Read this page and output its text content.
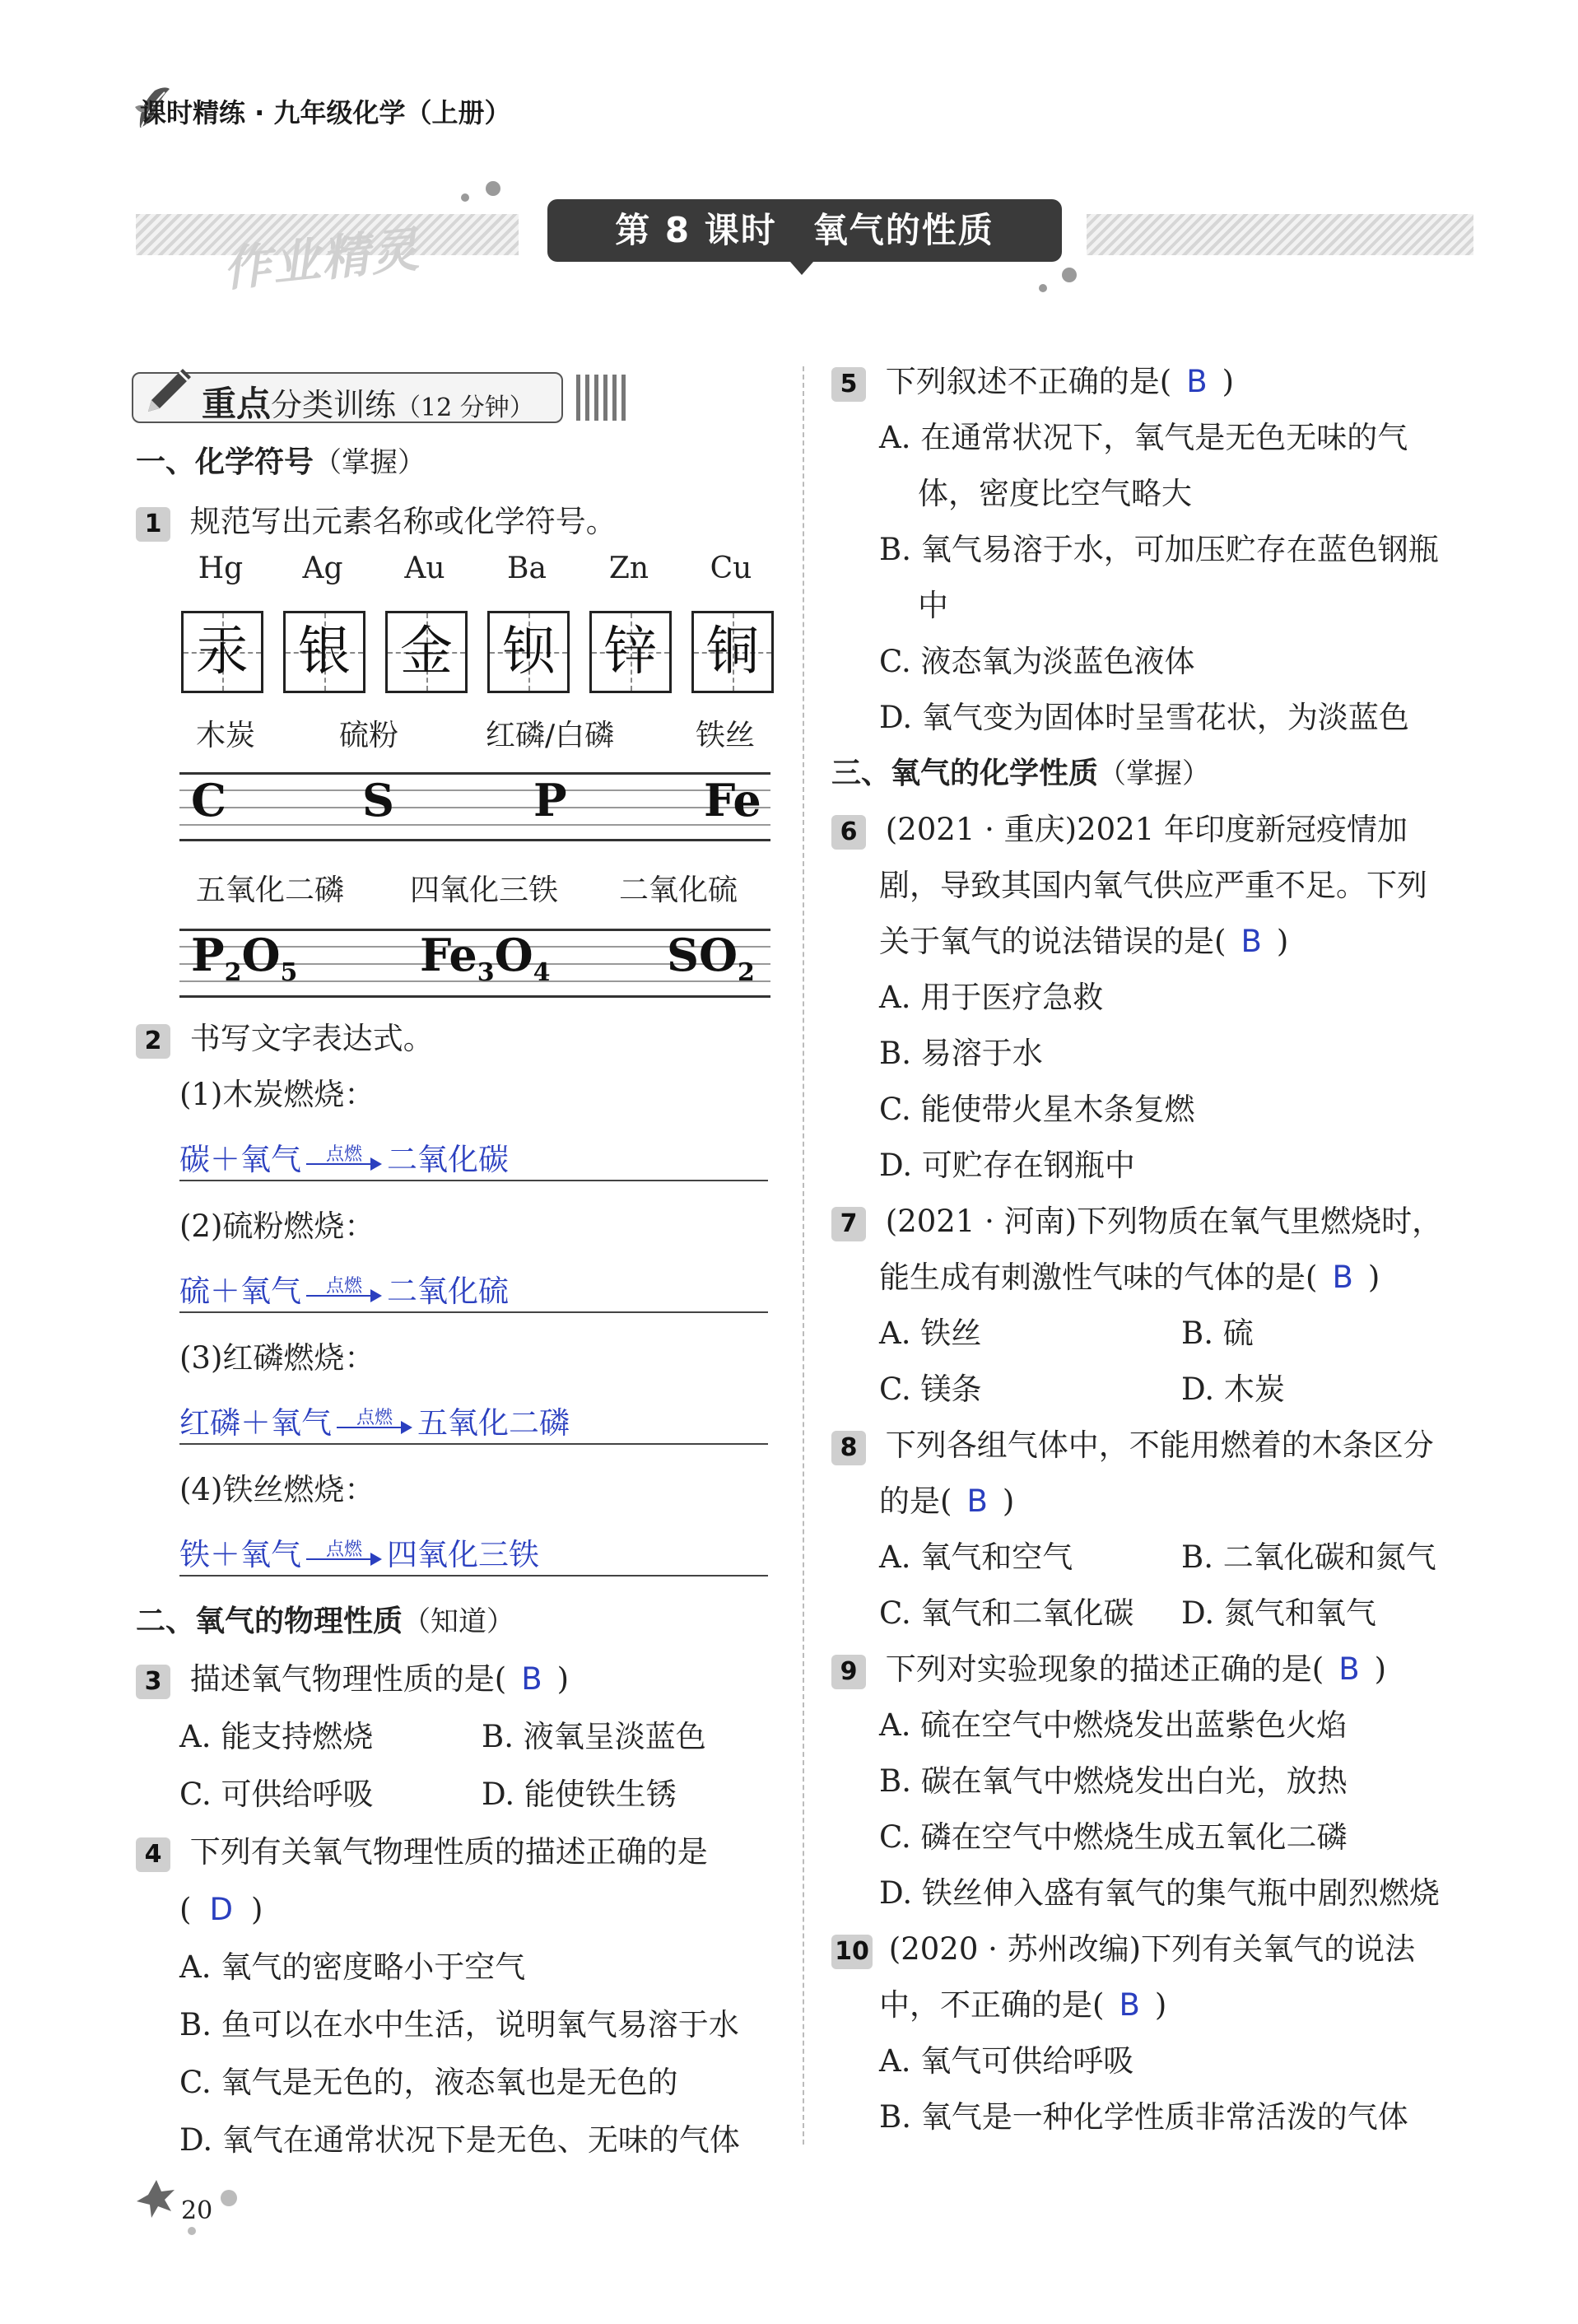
课时精练 · 九年级化学（上册）
作业精灵	第 8 课时　氧气的性质
重点分类训练（12 分钟）
一、化学符号（掌握）
1 规范写出元素名称或化学符号。
Hg	Ag	Au	Ba	Zn	Cu
汞 银 金 钡 锌 铜
木炭	硫粉	红磷/白磷	铁丝
C	S	P	Fe
五氧化二磷 四氧化三铁 二氧化硫
$P_2O_5$	$Fe_3O_4$	$SO_2$
2 书写文字表达式。
(1)木炭燃烧：
碳＋氧气	点燃 二氧化碳
(2)硫粉燃烧：
硫＋氧气	点燃 二氧化硫
(3)红磷燃烧：
红磷＋氧气	点燃 五氧化二磷
(4)铁丝燃烧：
铁＋氧气	点燃 四氧化三铁
二、氧气的物理性质（知道）
3 描述氧气物理性质的是( B )
A. 能支持燃烧	B. 液氧呈淡蓝色
C. 可供给呼吸	D. 能使铁生锈
4 下列有关氧气物理性质的描述正确的是
( D )
A. 氧气的密度略小于空气
B. 鱼可以在水中生活，说明氧气易溶于水
C. 氧气是无色的，液态氧也是无色的
D. 氧气在通常状况下是无色、无味的气体
5 下列叙述不正确的是( B )
A. 在通常状况下，氧气是无色无味的气
体，密度比空气略大
B. 氧气易溶于水，可加压贮存在蓝色钢瓶
中
C. 液态氧为淡蓝色液体
D. 氧气变为固体时呈雪花状，为淡蓝色
三、氧气的化学性质（掌握）
6 (2021 · 重庆)2021 年印度新冠疫情加
剧，导致其国内氧气供应严重不足。下列
关于氧气的说法错误的是( B )
A. 用于医疗急救
B. 易溶于水
C. 能使带火星木条复燃
D. 可贮存在钢瓶中
7 (2021 · 河南)下列物质在氧气里燃烧时，
能生成有刺激性气味的气体的是( B )
A. 铁丝	B. 硫
C. 镁条	D. 木炭
8 下列各组气体中，不能用燃着的木条区分
的是( B )
A. 氧气和空气	B. 二氧化碳和氮气
C. 氧气和二氧化碳 D. 氮气和氧气
9 下列对实验现象的描述正确的是( B )
A. 硫在空气中燃烧发出蓝紫色火焰
B. 碳在氧气中燃烧发出白光，放热
C. 磷在空气中燃烧生成五氧化二磷
D. 铁丝伸入盛有氧气的集气瓶中剧烈燃烧
10 (2020 · 苏州改编)下列有关氧气的说法
中，不正确的是( B )
A. 氧气可供给呼吸
B. 氧气是一种化学性质非常活泼的气体
20
